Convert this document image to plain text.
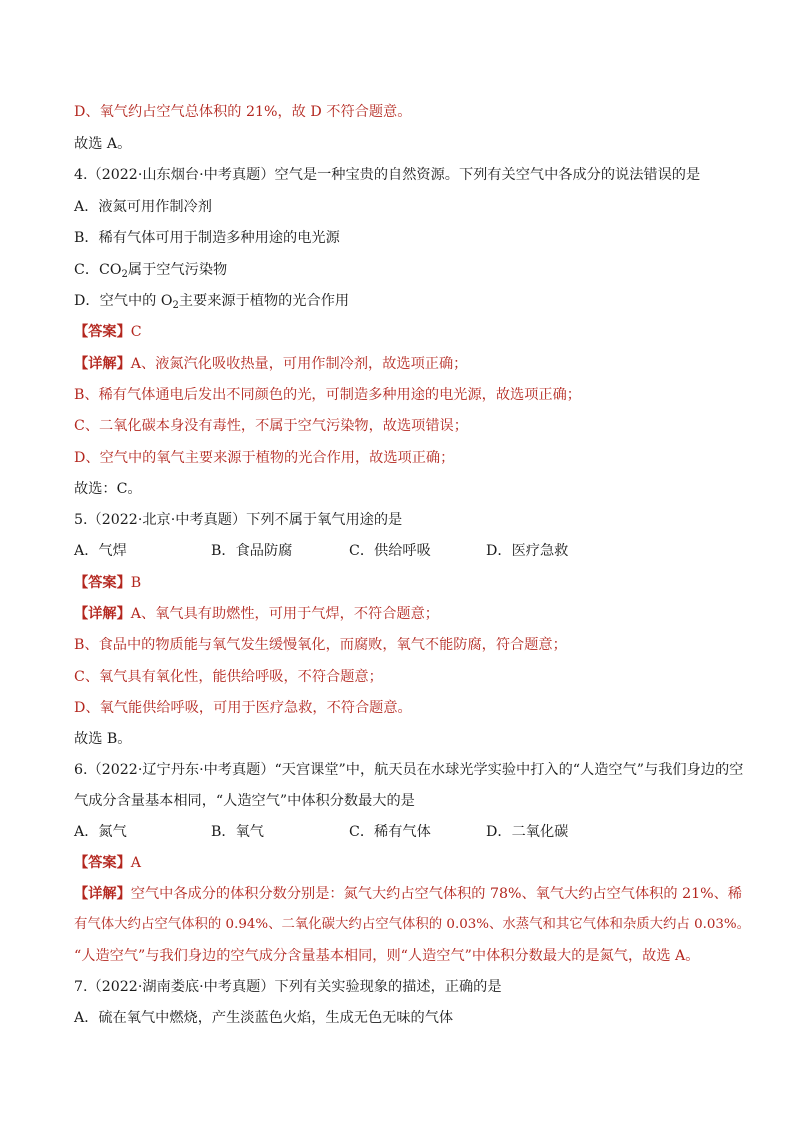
D、氧气约占空气总体积的 21%，故 D 不符合题意。
故选 A。
4.（2022·山东烟台·中考真题）空气是一种宝贵的自然资源。下列有关空气中各成分的说法错误的是
A．液氮可用作制冷剂
B．稀有气体可用于制造多种用途的电光源
C．$CO_2$属于空气污染物
D．空气中的 $O_2$主要来源于植物的光合作用
【答案】C
【详解】A、液氮汽化吸收热量，可用作制冷剂，故选项正确；
B、稀有气体通电后发出不同颜色的光，可制造多种用途的电光源，故选项正确；
C、二氧化碳本身没有毒性，不属于空气污染物，故选项错误；
D、空气中的氧气主要来源于植物的光合作用，故选项正确；
故选：C。
5.（2022·北京·中考真题）下列不属于氧气用途的是
A．气焊	B．食品防腐	C．供给呼吸	D．医疗急救
【答案】B
【详解】A、氧气具有助燃性，可用于气焊，不符合题意；
B、食品中的物质能与氧气发生缓慢氧化，而腐败，氧气不能防腐，符合题意；
C、氧气具有氧化性，能供给呼吸，不符合题意；
D、氧气能供给呼吸，可用于医疗急救，不符合题意。
故选 B。
6.（2022·辽宁丹东·中考真题）“天宫课堂”中，航天员在水球光学实验中打入的“人造空气”与我们身边的空
气成分含量基本相同，“人造空气”中体积分数最大的是
A．氮气	B．氧气	C．稀有气体	D．二氧化碳
【答案】A
【详解】空气中各成分的体积分数分别是：氮气大约占空气体积的 78%、氧气大约占空气体积的 21%、稀
有气体大约占空气体积的 0.94%、二氧化碳大约占空气体积的 0.03%、水蒸气和其它气体和杂质大约占 0.03%。
“人造空气”与我们身边的空气成分含量基本相同，则“人造空气”中体积分数最大的是氮气，故选 A。
7.（2022·湖南娄底·中考真题）下列有关实验现象的描述，正确的是
A．硫在氧气中燃烧，产生淡蓝色火焰，生成无色无味的气体
